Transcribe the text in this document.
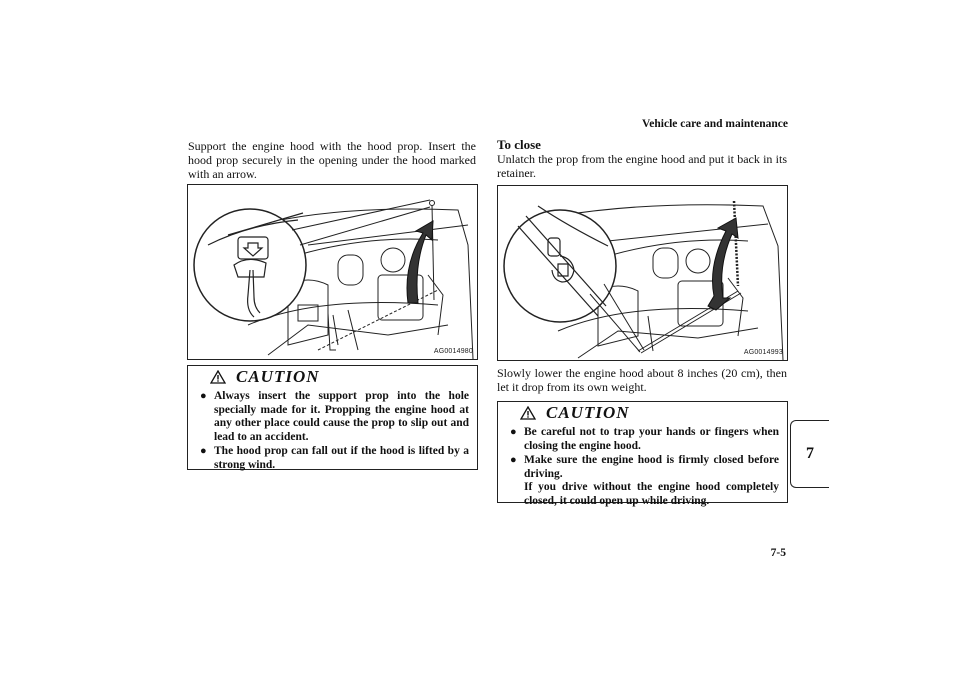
Vehicle care and maintenance
7
Support the engine hood with the hood prop. Insert the hood prop securely in the opening under the hood marked with an arrow.
AG0014980
CAUTION
● Always insert the support prop into the hole specially made for it. Propping the engine hood at any other place could cause the prop to slip out and lead to an accident.
● The hood prop can fall out if the hood is lifted by a strong wind.
To close
Unlatch the prop from the engine hood and put it back in its retainer.
AG0014993
Slowly lower the engine hood about 8 inches (20 cm), then let it drop from its own weight.
CAUTION
● Be careful not to trap your hands or fingers when closing the engine hood.
● Make sure the engine hood is firmly closed before driving.
If you drive without the engine hood completely closed, it could open up while driving.
7-5
